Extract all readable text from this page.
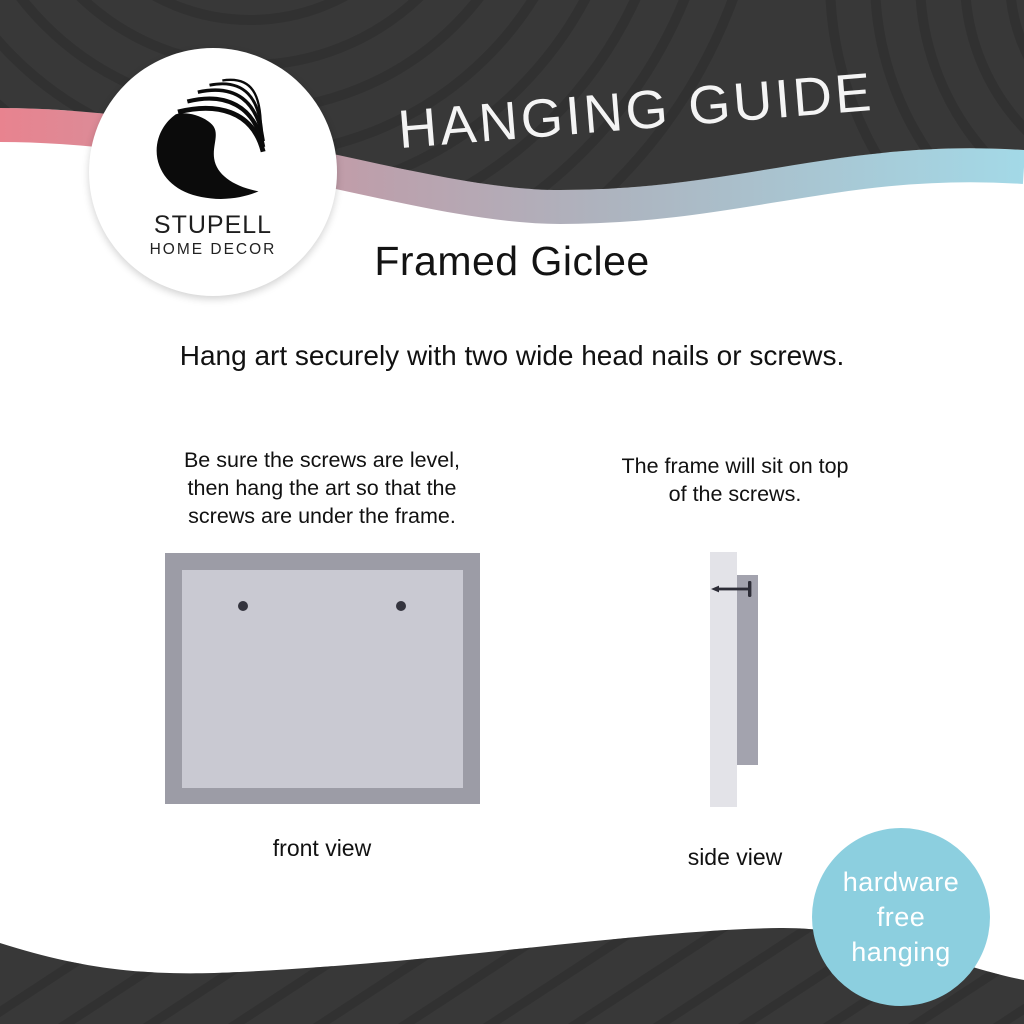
HANGING GUIDE
STUPELL
HOME DECOR	Framed Giclee
Hang art securely with two wide head nails or screws.
Be sure the screws are level,
then hang the art so that the
screws are under the frame.
The frame will sit on top
of the screws.
front view	side view
hardware
free
hanging
